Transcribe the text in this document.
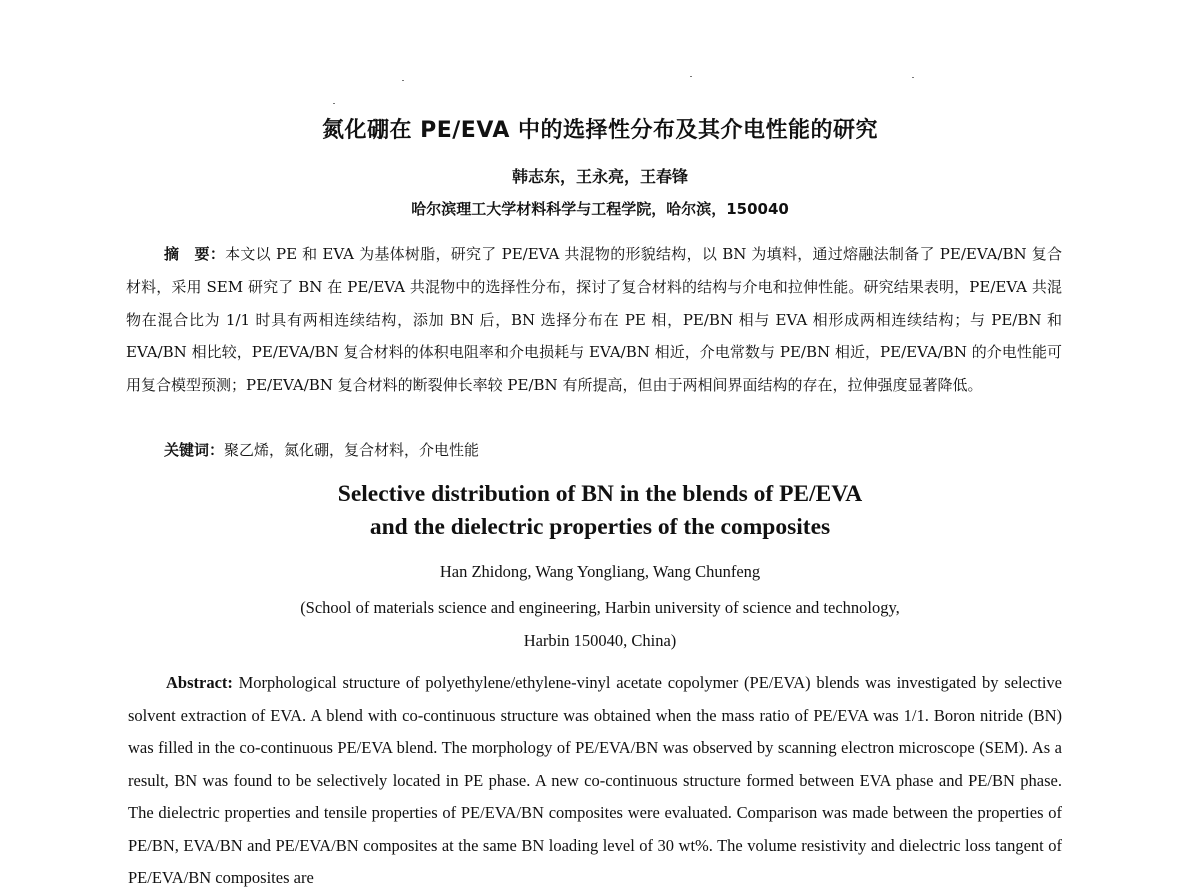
氮化硼在 PE/EVA 中的选择性分布及其介电性能的研究
韩志东，王永亮，王春锋
哈尔滨理工大学材料科学与工程学院，哈尔滨，150040

摘　要：本文以 PE 和 EVA 为基体树脂，研究了 PE/EVA 共混物的形貌结构，以 BN 为填料，通过熔融法制备了 PE/EVA/BN 复合材料，采用 SEM 研究了 BN 在 PE/EVA 共混物中的选择性分布，探讨了复合材料的结构与介电和拉伸性能。研究结果表明，PE/EVA 共混物在混合比为 1/1 时具有两相连续结构，添加 BN 后，BN 选择分布在 PE 相，PE/BN 相与 EVA 相形成两相连续结构；与 PE/BN 和 EVA/BN 相比较，PE/EVA/BN 复合材料的体积电阻率和介电损耗与 EVA/BN 相近，介电常数与 PE/BN 相近，PE/EVA/BN 的介电性能可用复合模型预测；PE/EVA/BN 复合材料的断裂伸长率较 PE/BN 有所提高，但由于两相间界面结构的存在，拉伸强度显著降低。

关键词：聚乙烯，氮化硼，复合材料，介电性能

Selective distribution of BN in the blends of PE/EVA
and the dielectric properties of the composites
Han Zhidong, Wang Yongliang, Wang Chunfeng
(School of materials science and engineering, Harbin university of science and technology,
Harbin 150040, China)

Abstract: Morphological structure of polyethylene/ethylene-vinyl acetate copolymer (PE/EVA) blends was investigated by selective solvent extraction of EVA. A blend with co-continuous structure was obtained when the mass ratio of PE/EVA was 1/1. Boron nitride (BN) was filled in the co-continuous PE/EVA blend. The morphology of PE/EVA/BN was observed by scanning electron microscope (SEM). As a result, BN was found to be selectively located in PE phase. A new co-continuous structure formed between EVA phase and PE/BN phase. The dielectric properties and tensile properties of PE/EVA/BN composites were evaluated. Comparison was made between the properties of PE/BN, EVA/BN and PE/EVA/BN composites at the same BN loading level of 30 wt%. The volume resistivity and dielectric loss tangent of PE/EVA/BN composites are
